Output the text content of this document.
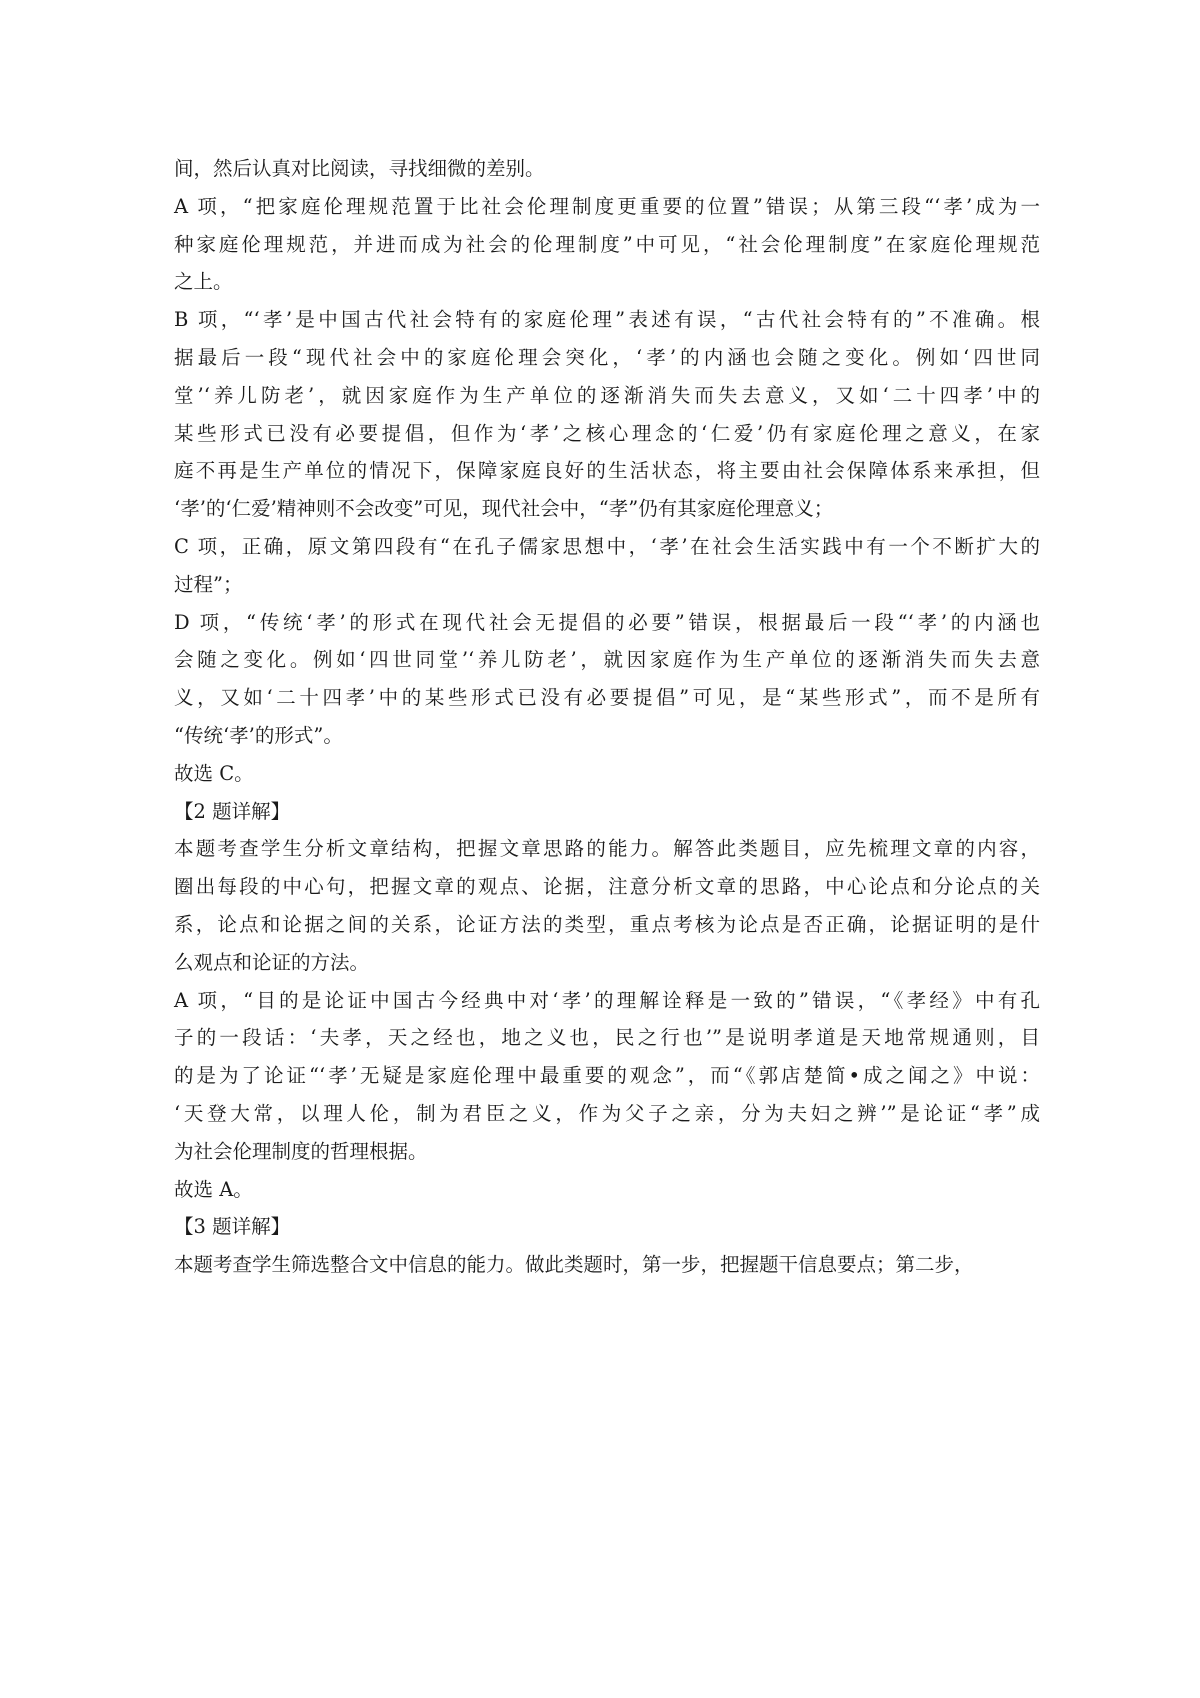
间，然后认真对比阅读，寻找细微的差别。
A 项，“把家庭伦理规范置于比社会伦理制度更重要的位置”错误；从第三段“‘孝’成为一
种家庭伦理规范，并进而成为社会的伦理制度”中可见，“社会伦理制度”在家庭伦理规范
之上。
B 项，“‘孝’是中国古代社会特有的家庭伦理”表述有误，“古代社会特有的”不准确。根
据最后一段“现代社会中的家庭伦理会突化，‘孝’的内涵也会随之变化。例如‘四世同
堂’‘养儿防老’，就因家庭作为生产单位的逐渐消失而失去意义，又如‘二十四孝’中的
某些形式已没有必要提倡，但作为‘孝’之核心理念的‘仁爱’仍有家庭伦理之意义，在家
庭不再是生产单位的情况下，保障家庭良好的生活状态，将主要由社会保障体系来承担，但
‘孝’的‘仁爱’精神则不会改变”可见，现代社会中，“孝”仍有其家庭伦理意义；
C 项，正确，原文第四段有“在孔子儒家思想中，‘孝’在社会生活实践中有一个不断扩大的
过程”；
D 项，“传统‘孝’的形式在现代社会无提倡的必要”错误，根据最后一段“‘孝’的内涵也
会随之变化。例如‘四世同堂’‘养儿防老’，就因家庭作为生产单位的逐渐消失而失去意
义，又如‘二十四孝’中的某些形式已没有必要提倡”可见，是“某些形式”，而不是所有
“传统‘孝’的形式”。
故选 C。
【2 题详解】
本题考查学生分析文章结构，把握文章思路的能力。解答此类题目，应先梳理文章的内容，
圈出每段的中心句，把握文章的观点、论据，注意分析文章的思路，中心论点和分论点的关
系，论点和论据之间的关系，论证方法的类型，重点考核为论点是否正确，论据证明的是什
么观点和论证的方法。
A 项，“目的是论证中国古今经典中对‘孝’的理解诠释是一致的”错误，“《孝经》中有孔
子的一段话：‘夫孝，天之经也，地之义也，民之行也’”是说明孝道是天地常规通则，目
的是为了论证“‘孝’无疑是家庭伦理中最重要的观念”，而“《郭店楚简•成之闻之》中说：
‘天登大常，以理人伦，制为君臣之义，作为父子之亲，分为夫妇之辨’”是论证“孝”成
为社会伦理制度的哲理根据。
故选 A。
【3 题详解】
本题考查学生筛选整合文中信息的能力。做此类题时，第一步，把握题干信息要点；第二步，
